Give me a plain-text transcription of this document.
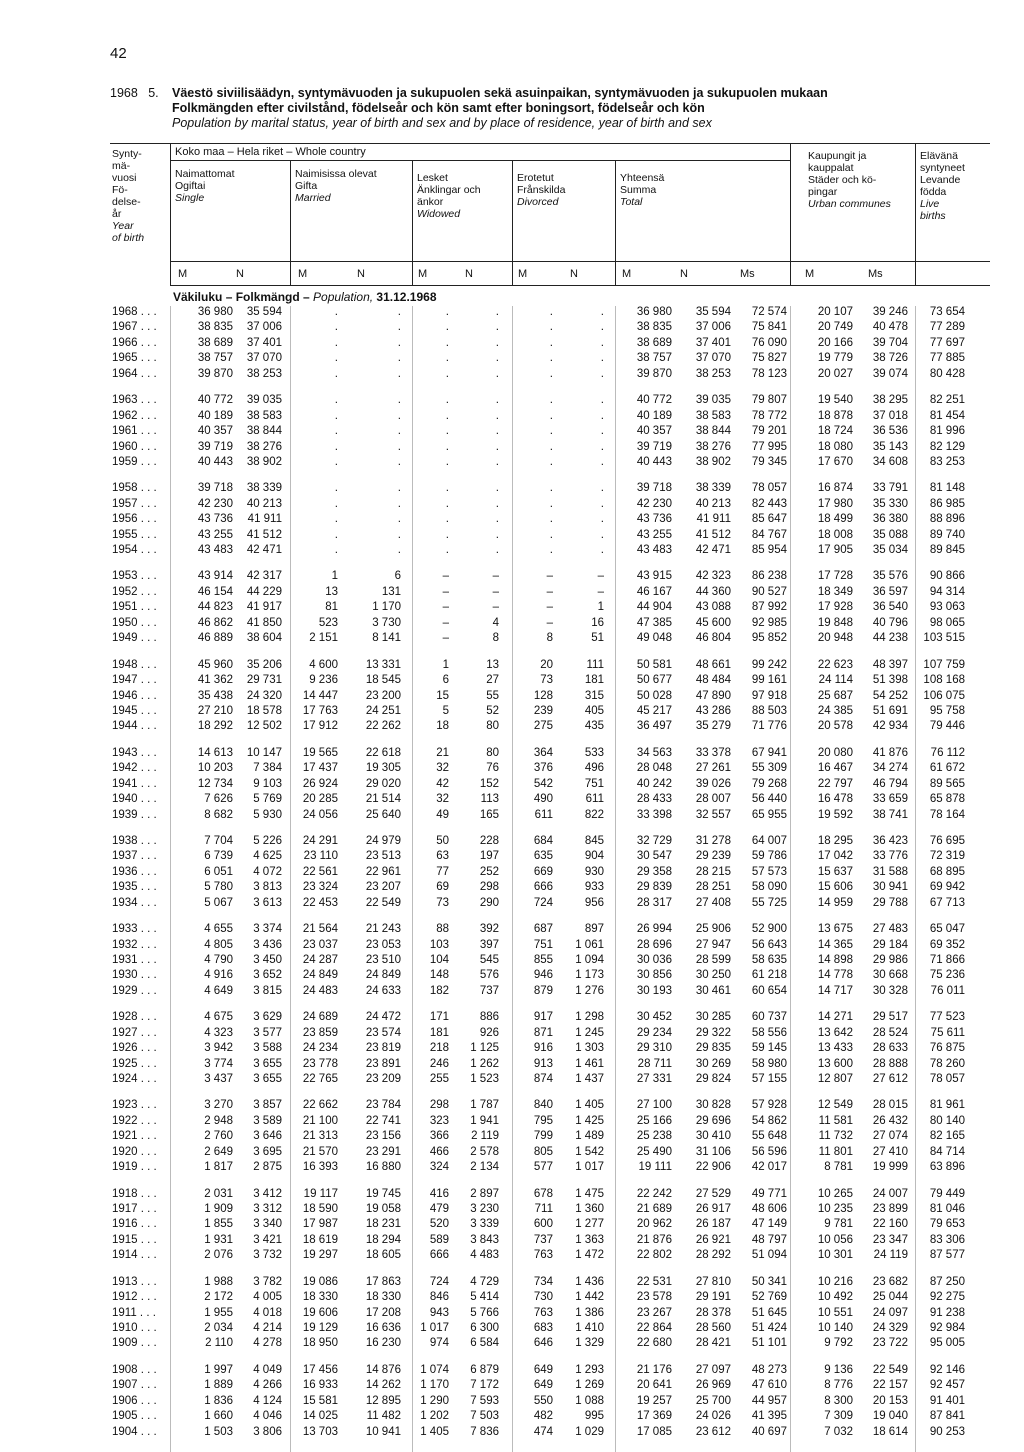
42
1968 5. Väestö siviilisäädyn, syntymävuoden ja sukupuolen sekä asuinpaikan, syntymävuoden ja sukupuolen mukaan
Folkmängden efter civilstånd, födelseår och kön samt efter boningsort, födelseår och kön
Population by marital status, year of birth and sex and by place of residence, year of birth and sex
Synty-
mä-
vuosi
Fö-
delse-
år
Year
of birth
Koko maa – Hela riket – Whole country
Naimattomat
Ogiftai
Single
Naimisissa olevat
Gifta
Married
Lesket
Änklingar och
änkor
Widowed
Erotetut
Frånskilda
Divorced
Yhteensä
Summa
Total
Kaupungit ja
kauppalat
Städer och kö-
pingar
Urban communes
Elävänä
syntyneet
Levande
födda
Live
births
M	N	M	N	M	N	M	N	M	N	Ms	M	Ms
Väkiluku – Folkmängd – Population, 31.12.1968
1968 . . .	36 980	35 594	.	.	.	.	.	.	36 980	35 594	72 574	20 107	39 246	73 654
1967 . . .	38 835	37 006	.	.	.	.	.	.	38 835	37 006	75 841	20 749	40 478	77 289
1966 . . .	38 689	37 401	.	.	.	.	.	.	38 689	37 401	76 090	20 166	39 704	77 697
1965 . . .	38 757	37 070	.	.	.	.	.	.	38 757	37 070	75 827	19 779	38 726	77 885
1964 . . .	39 870	38 253	.	.	.	.	.	.	39 870	38 253	78 123	20 027	39 074	80 428
1963 . . .	40 772	39 035	.	.	.	.	.	.	40 772	39 035	79 807	19 540	38 295	82 251
1962 . . .	40 189	38 583	.	.	.	.	.	.	40 189	38 583	78 772	18 878	37 018	81 454
1961 . . .	40 357	38 844	.	.	.	.	.	.	40 357	38 844	79 201	18 724	36 536	81 996
1960 . . .	39 719	38 276	.	.	.	.	.	.	39 719	38 276	77 995	18 080	35 143	82 129
1959 . . .	40 443	38 902	.	.	.	.	.	.	40 443	38 902	79 345	17 670	34 608	83 253
1958 . . .	39 718	38 339	.	.	.	.	.	.	39 718	38 339	78 057	16 874	33 791	81 148
1957 . . .	42 230	40 213	.	.	.	.	.	.	42 230	40 213	82 443	17 980	35 330	86 985
1956 . . .	43 736	41 911	.	.	.	.	.	.	43 736	41 911	85 647	18 499	36 380	88 896
1955 . . .	43 255	41 512	.	.	.	.	.	.	43 255	41 512	84 767	18 008	35 088	89 740
1954 . . .	43 483	42 471	.	.	.	.	.	.	43 483	42 471	85 954	17 905	35 034	89 845
1953 . . .	43 914	42 317	1	6	–	–	–	–	43 915	42 323	86 238	17 728	35 576	90 866
1952 . . .	46 154	44 229	13	131	–	–	–	–	46 167	44 360	90 527	18 349	36 597	94 314
1951 . . .	44 823	41 917	81	1 170	–	–	–	1	44 904	43 088	87 992	17 928	36 540	93 063
1950 . . .	46 862	41 850	523	3 730	–	4	–	16	47 385	45 600	92 985	19 848	40 796	98 065
1949 . . .	46 889	38 604	2 151	8 141	–	8	8	51	49 048	46 804	95 852	20 948	44 238	103 515
1948 . . .	45 960	35 206	4 600	13 331	1	13	20	111	50 581	48 661	99 242	22 623	48 397	107 759
1947 . . .	41 362	29 731	9 236	18 545	6	27	73	181	50 677	48 484	99 161	24 114	51 398	108 168
1946 . . .	35 438	24 320	14 447	23 200	15	55	128	315	50 028	47 890	97 918	25 687	54 252	106 075
1945 . . .	27 210	18 578	17 763	24 251	5	52	239	405	45 217	43 286	88 503	24 385	51 691	95 758
1944 . . .	18 292	12 502	17 912	22 262	18	80	275	435	36 497	35 279	71 776	20 578	42 934	79 446
1943 . . .	14 613	10 147	19 565	22 618	21	80	364	533	34 563	33 378	67 941	20 080	41 876	76 112
1942 . . .	10 203	7 384	17 437	19 305	32	76	376	496	28 048	27 261	55 309	16 467	34 274	61 672
1941 . . .	12 734	9 103	26 924	29 020	42	152	542	751	40 242	39 026	79 268	22 797	46 794	89 565
1940 . . .	7 626	5 769	20 285	21 514	32	113	490	611	28 433	28 007	56 440	16 478	33 659	65 878
1939 . . .	8 682	5 930	24 056	25 640	49	165	611	822	33 398	32 557	65 955	19 592	38 741	78 164
1938 . . .	7 704	5 226	24 291	24 979	50	228	684	845	32 729	31 278	64 007	18 295	36 423	76 695
1937 . . .	6 739	4 625	23 110	23 513	63	197	635	904	30 547	29 239	59 786	17 042	33 776	72 319
1936 . . .	6 051	4 072	22 561	22 961	77	252	669	930	29 358	28 215	57 573	15 637	31 588	68 895
1935 . . .	5 780	3 813	23 324	23 207	69	298	666	933	29 839	28 251	58 090	15 606	30 941	69 942
1934 . . .	5 067	3 613	22 453	22 549	73	290	724	956	28 317	27 408	55 725	14 959	29 788	67 713
1933 . . .	4 655	3 374	21 564	21 243	88	392	687	897	26 994	25 906	52 900	13 675	27 483	65 047
1932 . . .	4 805	3 436	23 037	23 053	103	397	751	1 061	28 696	27 947	56 643	14 365	29 184	69 352
1931 . . .	4 790	3 450	24 287	23 510	104	545	855	1 094	30 036	28 599	58 635	14 898	29 986	71 866
1930 . . .	4 916	3 652	24 849	24 849	148	576	946	1 173	30 856	30 250	61 218	14 778	30 668	75 236
1929 . . .	4 649	3 815	24 483	24 633	182	737	879	1 276	30 193	30 461	60 654	14 717	30 328	76 011
1928 . . .	4 675	3 629	24 689	24 472	171	886	917	1 298	30 452	30 285	60 737	14 271	29 517	77 523
1927 . . .	4 323	3 577	23 859	23 574	181	926	871	1 245	29 234	29 322	58 556	13 642	28 524	75 611
1926 . . .	3 942	3 588	24 234	23 819	218	1 125	916	1 303	29 310	29 835	59 145	13 433	28 633	76 875
1925 . . .	3 774	3 655	23 778	23 891	246	1 262	913	1 461	28 711	30 269	58 980	13 600	28 888	78 260
1924 . . .	3 437	3 655	22 765	23 209	255	1 523	874	1 437	27 331	29 824	57 155	12 807	27 612	78 057
1923 . . .	3 270	3 857	22 662	23 784	298	1 787	840	1 405	27 100	30 828	57 928	12 549	28 015	81 961
1922 . . .	2 948	3 589	21 100	22 741	323	1 941	795	1 425	25 166	29 696	54 862	11 581	26 432	80 140
1921 . . .	2 760	3 646	21 313	23 156	366	2 119	799	1 489	25 238	30 410	55 648	11 732	27 074	82 165
1920 . . .	2 649	3 695	21 570	23 291	466	2 578	805	1 542	25 490	31 106	56 596	11 801	27 410	84 714
1919 . . .	1 817	2 875	16 393	16 880	324	2 134	577	1 017	19 111	22 906	42 017	8 781	19 999	63 896
1918 . . .	2 031	3 412	19 117	19 745	416	2 897	678	1 475	22 242	27 529	49 771	10 265	24 007	79 449
1917 . . .	1 909	3 312	18 590	19 058	479	3 230	711	1 360	21 689	26 917	48 606	10 235	23 899	81 046
1916 . . .	1 855	3 340	17 987	18 231	520	3 339	600	1 277	20 962	26 187	47 149	9 781	22 160	79 653
1915 . . .	1 931	3 421	18 619	18 294	589	3 843	737	1 363	21 876	26 921	48 797	10 056	23 347	83 306
1914 . . .	2 076	3 732	19 297	18 605	666	4 483	763	1 472	22 802	28 292	51 094	10 301	24 119	87 577
1913 . . .	1 988	3 782	19 086	17 863	724	4 729	734	1 436	22 531	27 810	50 341	10 216	23 682	87 250
1912 . . .	2 172	4 005	18 330	18 330	846	5 414	730	1 442	23 578	29 191	52 769	10 492	25 044	92 275
1911 . . .	1 955	4 018	19 606	17 208	943	5 766	763	1 386	23 267	28 378	51 645	10 551	24 097	91 238
1910 . . .	2 034	4 214	19 129	16 636	1 017	6 300	683	1 410	22 864	28 560	51 424	10 140	24 329	92 984
1909 . . .	2 110	4 278	18 950	16 230	974	6 584	646	1 329	22 680	28 421	51 101	9 792	23 722	95 005
1908 . . .	1 997	4 049	17 456	14 876	1 074	6 879	649	1 293	21 176	27 097	48 273	9 136	22 549	92 146
1907 . . .	1 889	4 266	16 933	14 262	1 170	7 172	649	1 269	20 641	26 969	47 610	8 776	22 157	92 457
1906 . . .	1 836	4 124	15 581	12 895	1 290	7 593	550	1 088	19 257	25 700	44 957	8 300	20 153	91 401
1905 . . .	1 660	4 046	14 025	11 482	1 202	7 503	482	995	17 369	24 026	41 395	7 309	19 040	87 841
1904 . . .	1 503	3 806	13 703	10 941	1 405	7 836	474	1 029	17 085	23 612	40 697	7 032	18 614	90 253
